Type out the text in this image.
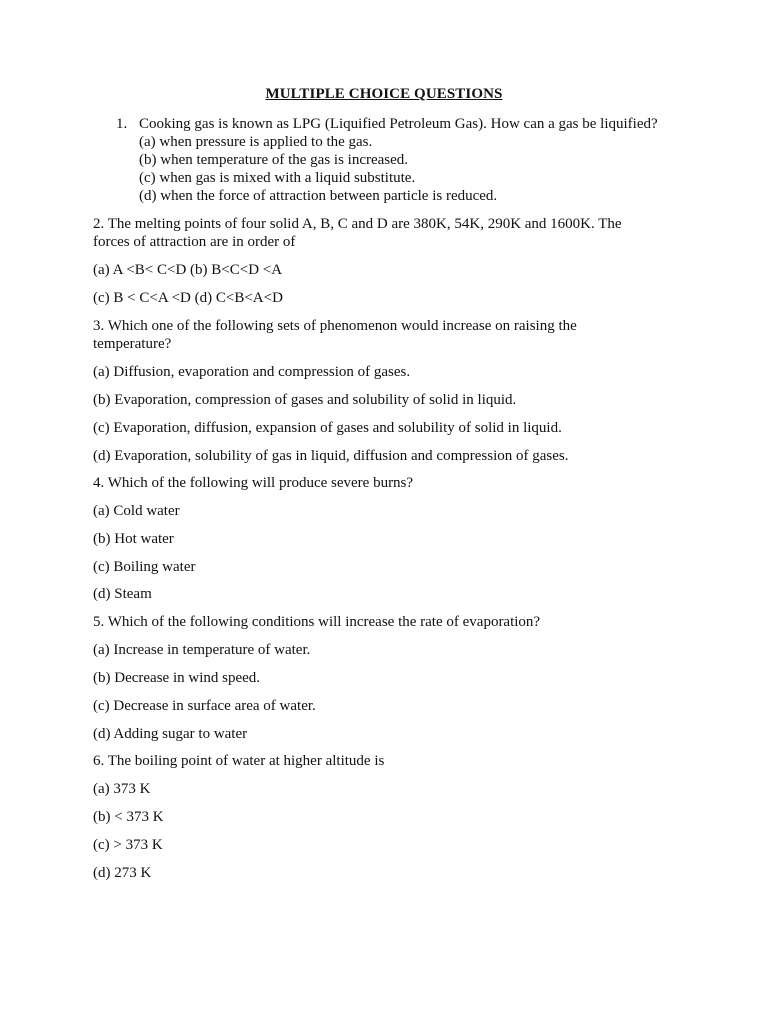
MULTIPLE CHOICE QUESTIONS
1. Cooking gas is known as LPG (Liquified Petroleum Gas). How can a gas be liquified?
(a) when pressure is applied to the gas.
(b) when temperature of the gas is increased.
(c) when gas is mixed with a liquid substitute.
(d) when the force of attraction between particle is reduced.
2. The melting points of four solid A, B, C and D are 380K, 54K, 290K and 1600K. The
forces of attraction are in order of
(a) A <B< C<D (b) B<C<D <A
(c) B < C<A <D (d) C<B<A<D
3. Which one of the following sets of phenomenon would increase on raising the
temperature?
(a) Diffusion, evaporation and compression of gases.
(b) Evaporation, compression of gases and solubility of solid in liquid.
(c) Evaporation, diffusion, expansion of gases and solubility of solid in liquid.
(d) Evaporation, solubility of gas in liquid, diffusion and compression of gases.
4. Which of the following will produce severe burns?
(a) Cold water
(b) Hot water
(c) Boiling water
(d) Steam
5. Which of the following conditions will increase the rate of evaporation?
(a) Increase in temperature of water.
(b) Decrease in wind speed.
(c) Decrease in surface area of water.
(d) Adding sugar to water
6. The boiling point of water at higher altitude is
(a) 373 K
(b) < 373 K
(c) > 373 K
(d) 273 K
